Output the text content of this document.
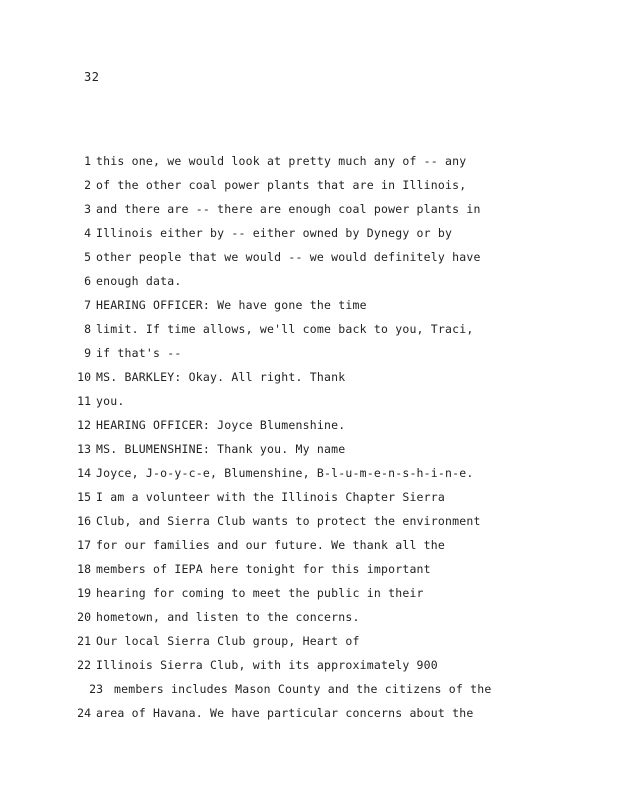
32
1 this one, we would look at pretty much any of -- any
2 of the other coal power plants that are in Illinois,
3 and there are -- there are enough coal power plants in
4 Illinois either by -- either owned by Dynegy or by
5 other people that we would -- we would definitely have
6 enough data.
7 HEARING OFFICER: We have gone the time
8 limit. If time allows, we'll come back to you, Traci,
9 if that's --
10 MS. BARKLEY: Okay. All right. Thank
11 you.
12 HEARING OFFICER: Joyce Blumenshine.
13 MS. BLUMENSHINE: Thank you. My name
14 Joyce, J-o-y-c-e, Blumenshine, B-l-u-m-e-n-s-h-i-n-e.
15 I am a volunteer with the Illinois Chapter Sierra
16 Club, and Sierra Club wants to protect the environment
17 for our families and our future. We thank all the
18 members of IEPA here tonight for this important
19 hearing for coming to meet the public in their
20 hometown, and listen to the concerns.
21 Our local Sierra Club group, Heart of
22 Illinois Sierra Club, with its approximately 900
23 members includes Mason County and the citizens of the
24 area of Havana. We have particular concerns about the
